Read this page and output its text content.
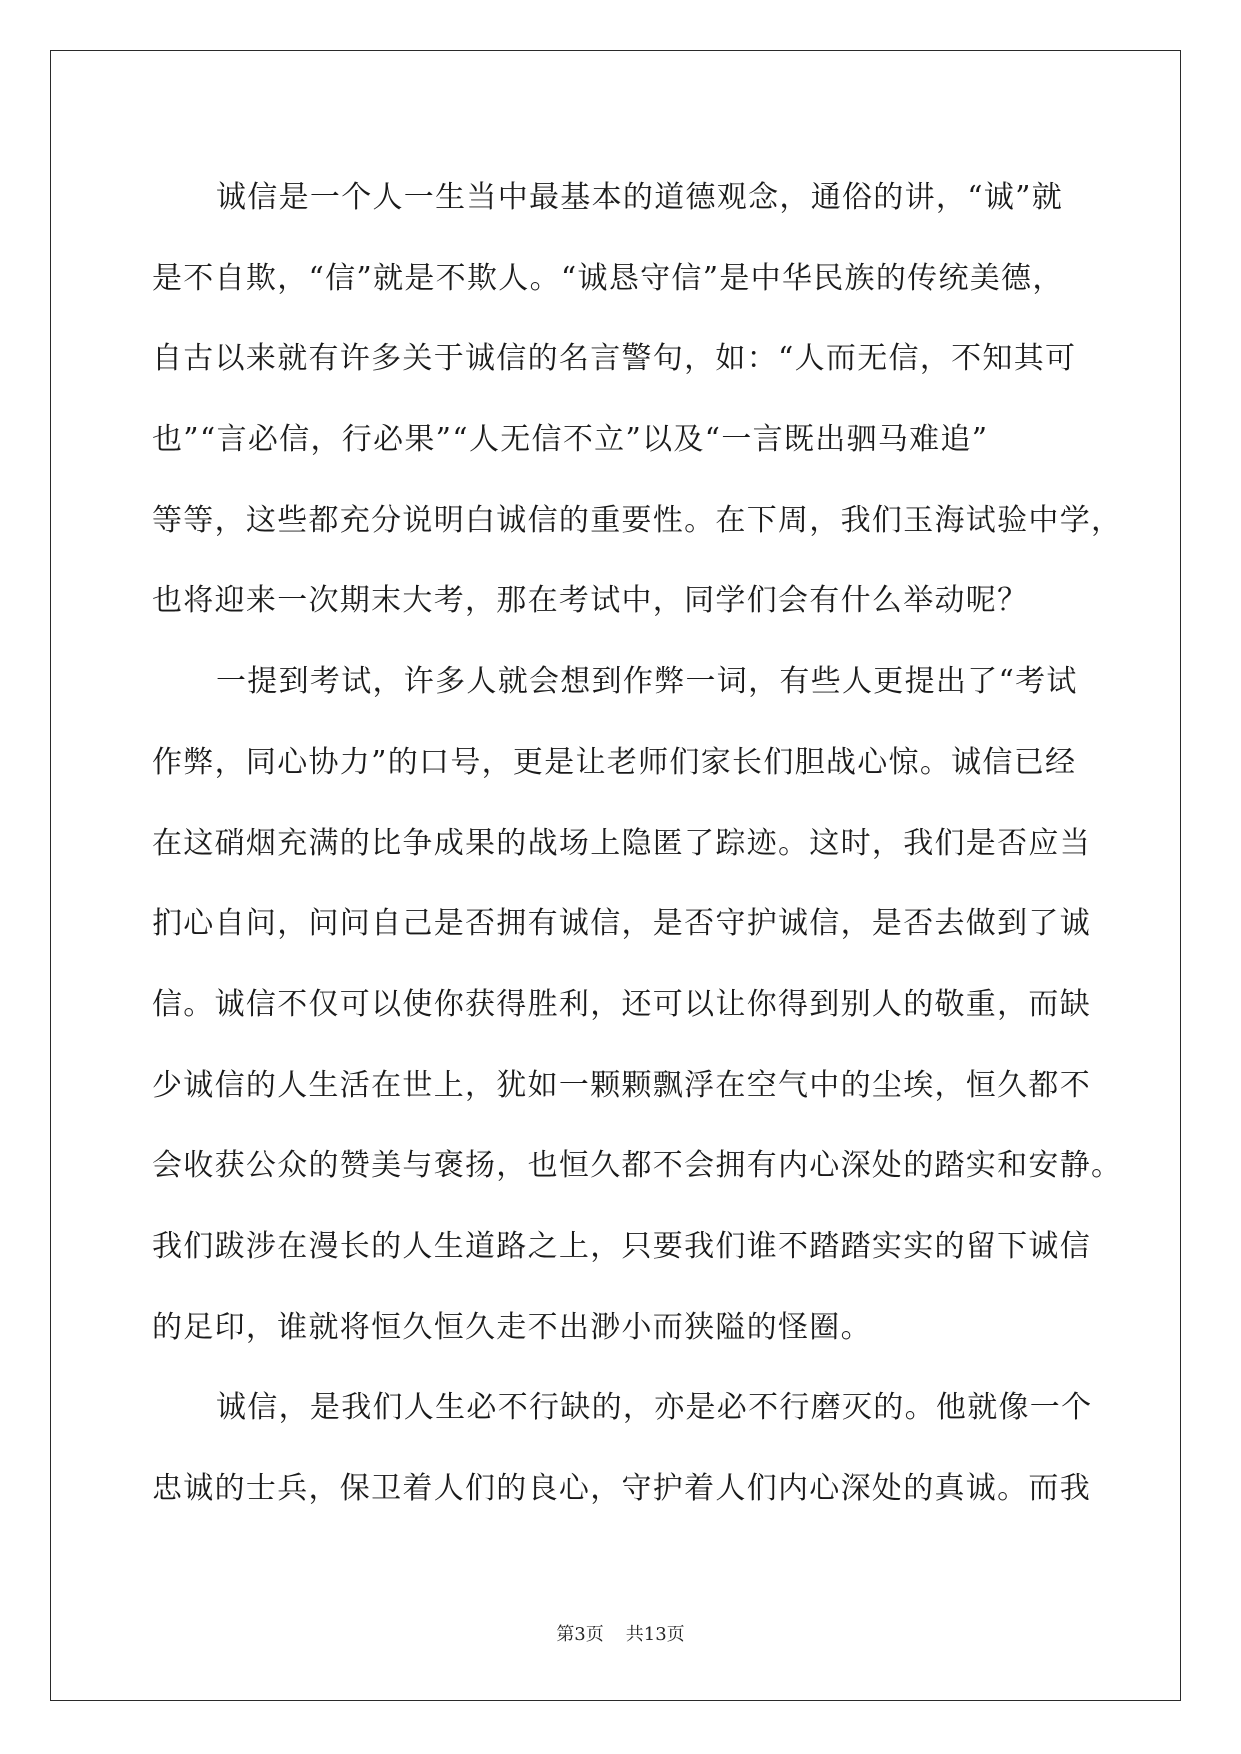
诚信是一个人一生当中最基本的道德观念，通俗的讲，“诚”就
是不自欺，“信”就是不欺人。“诚恳守信”是中华民族的传统美德，
自古以来就有许多关于诚信的名言警句，如：“人而无信，不知其可
也”“言必信，行必果”“人无信不立”以及“一言既出驷马难追”
等等，这些都充分说明白诚信的重要性。在下周，我们玉海试验中学，
也将迎来一次期末大考，那在考试中，同学们会有什么举动呢？
一提到考试，许多人就会想到作弊一词，有些人更提出了“考试
作弊，同心协力”的口号，更是让老师们家长们胆战心惊。诚信已经
在这硝烟充满的比争成果的战场上隐匿了踪迹。这时，我们是否应当
扪心自问，问问自己是否拥有诚信，是否守护诚信，是否去做到了诚
信。诚信不仅可以使你获得胜利，还可以让你得到别人的敬重，而缺
少诚信的人生活在世上，犹如一颗颗飘浮在空气中的尘埃，恒久都不
会收获公众的赞美与褒扬，也恒久都不会拥有内心深处的踏实和安静。
我们跋涉在漫长的人生道路之上，只要我们谁不踏踏实实的留下诚信
的足印，谁就将恒久恒久走不出渺小而狭隘的怪圈。
诚信，是我们人生必不行缺的，亦是必不行磨灭的。他就像一个
忠诚的士兵，保卫着人们的良心，守护着人们内心深处的真诚。而我
第3页 共13页
